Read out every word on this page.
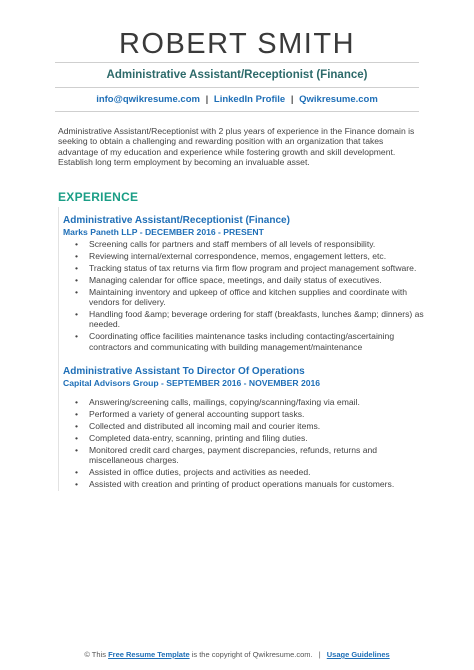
ROBERT SMITH
Administrative Assistant/Receptionist (Finance)
info@qwikresume.com | LinkedIn Profile | Qwikresume.com
Administrative Assistant/Receptionist with 2 plus years of experience in the Finance domain is seeking to obtain a challenging and rewarding position with an organization that takes advantage of my education and experience while fostering growth and skill development. Establish long term employment by becoming an invaluable asset.
EXPERIENCE
Administrative Assistant/Receptionist (Finance)
Marks Paneth LLP - DECEMBER 2016 - PRESENT
• Screening calls for partners and staff members of all levels of responsibility.
• Reviewing internal/external correspondence, memos, engagement letters, etc.
• Tracking status of tax returns via firm flow program and project management software.
• Managing calendar for office space, meetings, and daily status of executives.
• Maintaining inventory and upkeep of office and kitchen supplies and coordinate with vendors for delivery.
• Handling food &amp; beverage ordering for staff (breakfasts, lunches &amp; dinners) as needed.
• Coordinating office facilities maintenance tasks including contacting/ascertaining contractors and communicating with building management/maintenance
Administrative Assistant To Director Of Operations
Capital Advisors Group - SEPTEMBER 2016 - NOVEMBER 2016
• Answering/screening calls, mailings, copying/scanning/faxing via email.
• Performed a variety of general accounting support tasks.
• Collected and distributed all incoming mail and courier items.
• Completed data-entry, scanning, printing and filing duties.
• Monitored credit card charges, payment discrepancies, refunds, returns and miscellaneous charges.
• Assisted in office duties, projects and activities as needed.
• Assisted with creation and printing of product operations manuals for customers.
© This Free Resume Template is the copyright of Qwikresume.com. | Usage Guidelines
